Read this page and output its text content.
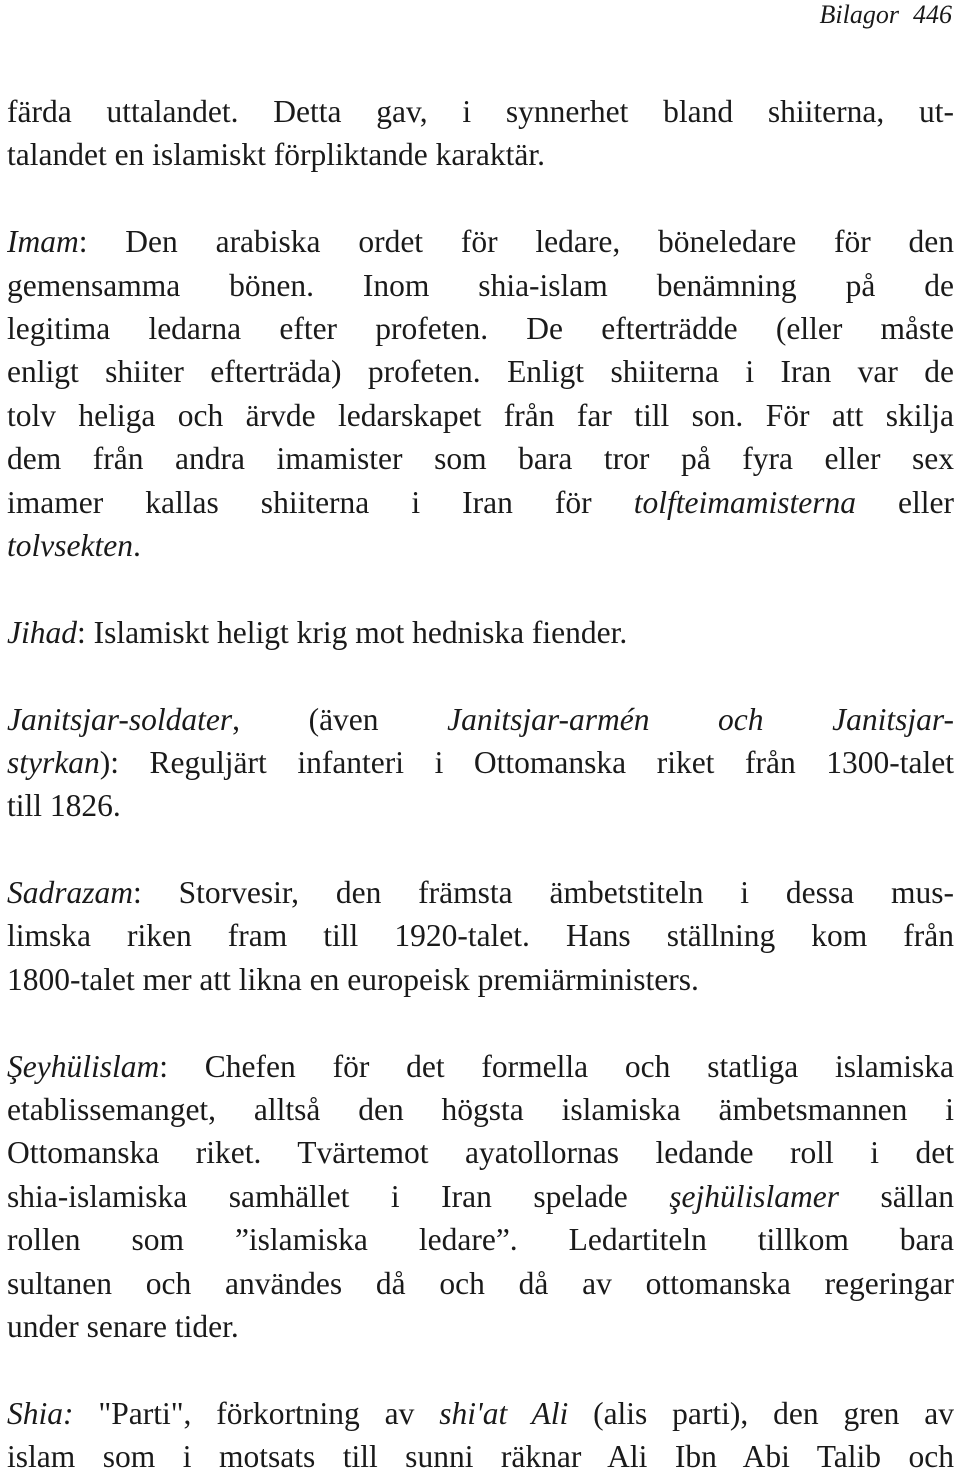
Bilagor 446
färda uttalandet. Detta gav, i synnerhet bland shiiterna, ut-
talandet en islamiskt förpliktande karaktär.
Imam: Den arabiska ordet för ledare, böneledare för den
gemensamma bönen. Inom shia-islam benämning på de
legitima ledarna efter profeten. De efterträdde (eller måste
enligt shiiter efterträda) profeten. Enligt shiiterna i Iran var de
tolv heliga och ärvde ledarskapet från far till son. För att skilja
dem från andra imamister som bara tror på fyra eller sex
imamer kallas shiiterna i Iran för tolfteimamisterna eller
tolvsekten.
Jihad: Islamiskt heligt krig mot hedniska fiender.
Janitsjar-soldater, (även Janitsjar-armén och Janitsjar-
styrkan): Reguljärt infanteri i Ottomanska riket från 1300-talet
till 1826.
Sadrazam: Storvesir, den främsta ämbetstiteln i dessa mus-
limska riken fram till 1920-talet. Hans ställning kom från
1800-talet mer att likna en europeisk premiärministers.
Şeyhülislam: Chefen för det formella och statliga islamiska
etablissemanget, alltså den högsta islamiska ämbetsmannen i
Ottomanska riket. Tvärtemot ayatollornas ledande roll i det
shia-islamiska samhället i Iran spelade şejhülislamer sällan
rollen som ”islamiska ledare”. Ledartiteln tillkom bara
sultanen och användes då och då av ottomanska regeringar
under senare tider.
Shia: "Parti", förkortning av shi'at Ali (alis parti), den gren av
islam som i motsats till sunni räknar Ali Ibn Abi Talib och
